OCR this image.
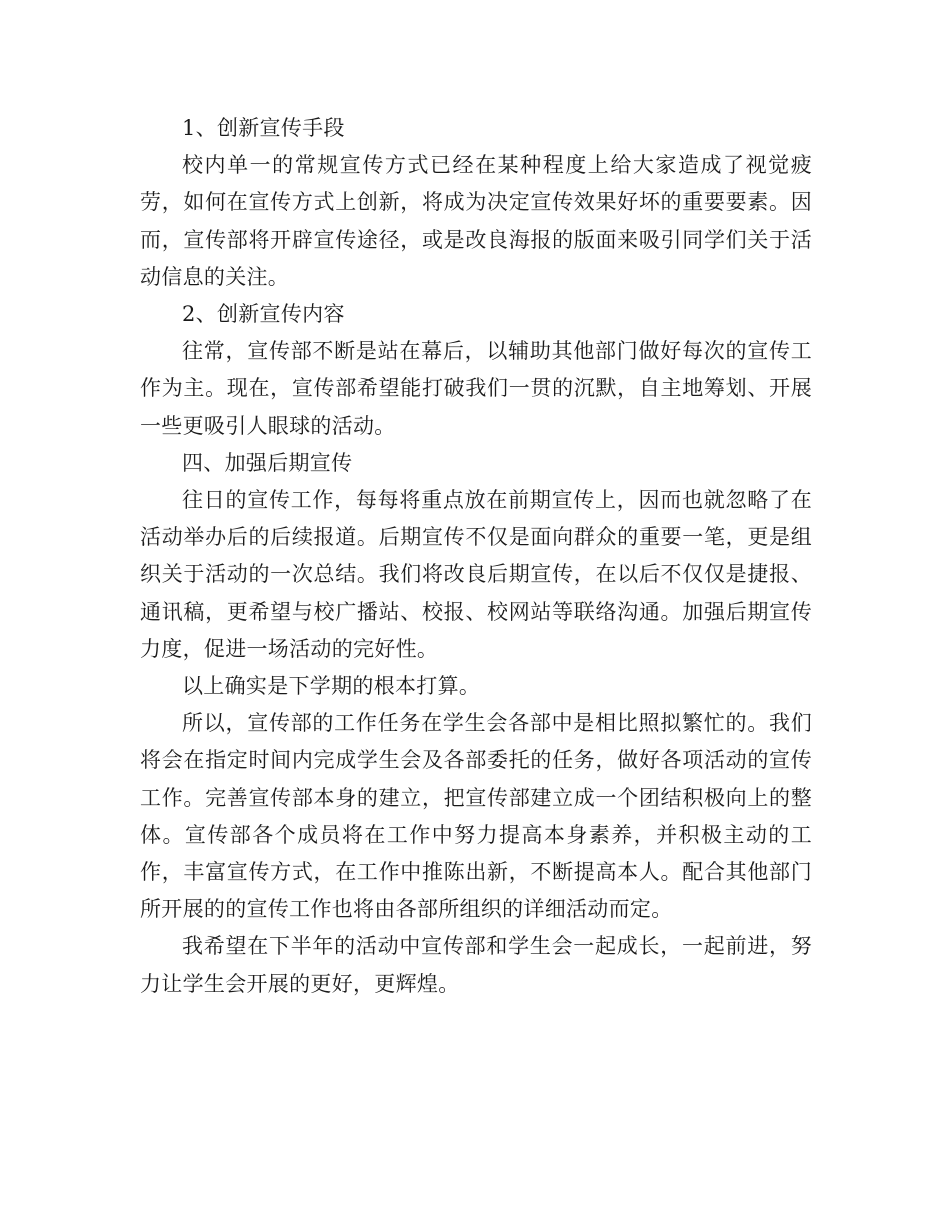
1、创新宣传手段

校内单一的常规宣传方式已经在某种程度上给大家造成了视觉疲劳，如何在宣传方式上创新，将成为决定宣传效果好坏的重要要素。因而，宣传部将开辟宣传途径，或是改良海报的版面来吸引同学们关于活动信息的关注。

2、创新宣传内容

往常，宣传部不断是站在幕后，以辅助其他部门做好每次的宣传工作为主。现在，宣传部希望能打破我们一贯的沉默，自主地筹划、开展一些更吸引人眼球的活动。

四、加强后期宣传

往日的宣传工作，每每将重点放在前期宣传上，因而也就忽略了在活动举办后的后续报道。后期宣传不仅是面向群众的重要一笔，更是组织关于活动的一次总结。我们将改良后期宣传，在以后不仅仅是捷报、通讯稿，更希望与校广播站、校报、校网站等联络沟通。加强后期宣传力度，促进一场活动的完好性。

以上确实是下学期的根本打算。

所以，宣传部的工作任务在学生会各部中是相比照拟繁忙的。我们将会在指定时间内完成学生会及各部委托的任务，做好各项活动的宣传工作。完善宣传部本身的建立，把宣传部建立成一个团结积极向上的整体。宣传部各个成员将在工作中努力提高本身素养，并积极主动的工作，丰富宣传方式，在工作中推陈出新，不断提高本人。配合其他部门所开展的的宣传工作也将由各部所组织的详细活动而定。

我希望在下半年的活动中宣传部和学生会一起成长，一起前进，努力让学生会开展的更好，更辉煌。
